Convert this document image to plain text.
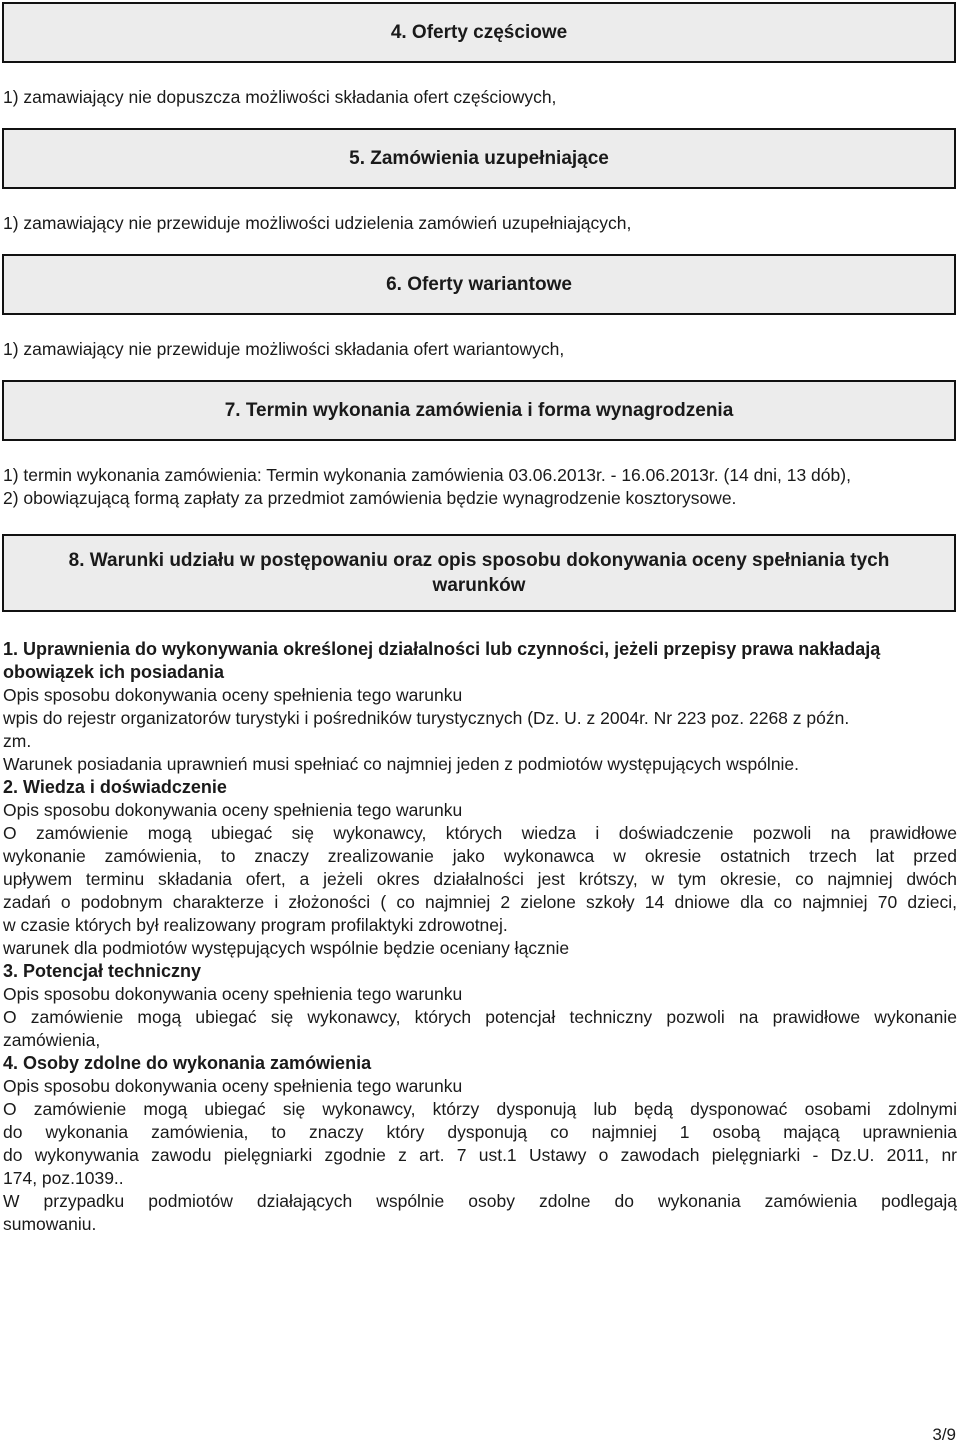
4. Oferty częściowe
1) zamawiający nie dopuszcza możliwości składania ofert częściowych,
5. Zamówienia uzupełniające
1) zamawiający nie przewiduje możliwości udzielenia zamówień uzupełniających,
6. Oferty wariantowe
1) zamawiający nie przewiduje możliwości składania ofert wariantowych,
7. Termin wykonania zamówienia i forma wynagrodzenia
1) termin wykonania zamówienia: Termin wykonania zamówienia 03.06.2013r. - 16.06.2013r. (14 dni, 13 dób),
2) obowiązującą formą zapłaty za przedmiot zamówienia będzie wynagrodzenie kosztorysowe.
8. Warunki udziału w postępowaniu oraz opis sposobu dokonywania oceny spełniania tych
warunków
1. Uprawnienia do wykonywania określonej działalności lub czynności, jeżeli przepisy prawa nakładają
obowiązek ich posiadania
Opis sposobu dokonywania oceny spełnienia tego warunku
wpis do rejestr organizatorów turystyki i pośredników turystycznych (Dz. U. z 2004r. Nr 223 poz. 2268 z późn.
zm.
Warunek posiadania uprawnień musi spełniać co najmniej jeden z podmiotów występujących wspólnie.
2. Wiedza i doświadczenie
Opis sposobu dokonywania oceny spełnienia tego warunku
O zamówienie mogą ubiegać się wykonawcy, których wiedza i doświadczenie pozwoli na prawidłowe
wykonanie zamówienia, to znaczy zrealizowanie jako wykonawca w okresie ostatnich trzech lat przed
upływem terminu składania ofert, a jeżeli okres działalności jest krótszy, w tym okresie, co najmniej dwóch
zadań o podobnym charakterze i złożoności ( co najmniej 2 zielone szkoły 14 dniowe dla co najmniej 70 dzieci,
w czasie których był realizowany program profilaktyki zdrowotnej.
warunek dla podmiotów występujących wspólnie będzie oceniany łącznie
3. Potencjał techniczny
Opis sposobu dokonywania oceny spełnienia tego warunku
O zamówienie mogą ubiegać się wykonawcy, których potencjał techniczny pozwoli na prawidłowe wykonanie
zamówienia,
4. Osoby zdolne do wykonania zamówienia
Opis sposobu dokonywania oceny spełnienia tego warunku
O zamówienie mogą ubiegać się wykonawcy, którzy dysponują lub będą dysponować osobami zdolnymi
do wykonania zamówienia, to znaczy który dysponują co najmniej 1 osobą mającą uprawnienia
do wykonywania zawodu pielęgniarki zgodnie z art. 7 ust.1 Ustawy o zawodach pielęgniarki - Dz.U. 2011, nr
174, poz.1039..
W przypadku podmiotów działających wspólnie osoby zdolne do wykonania zamówienia podlegają
sumowaniu.
3/9
